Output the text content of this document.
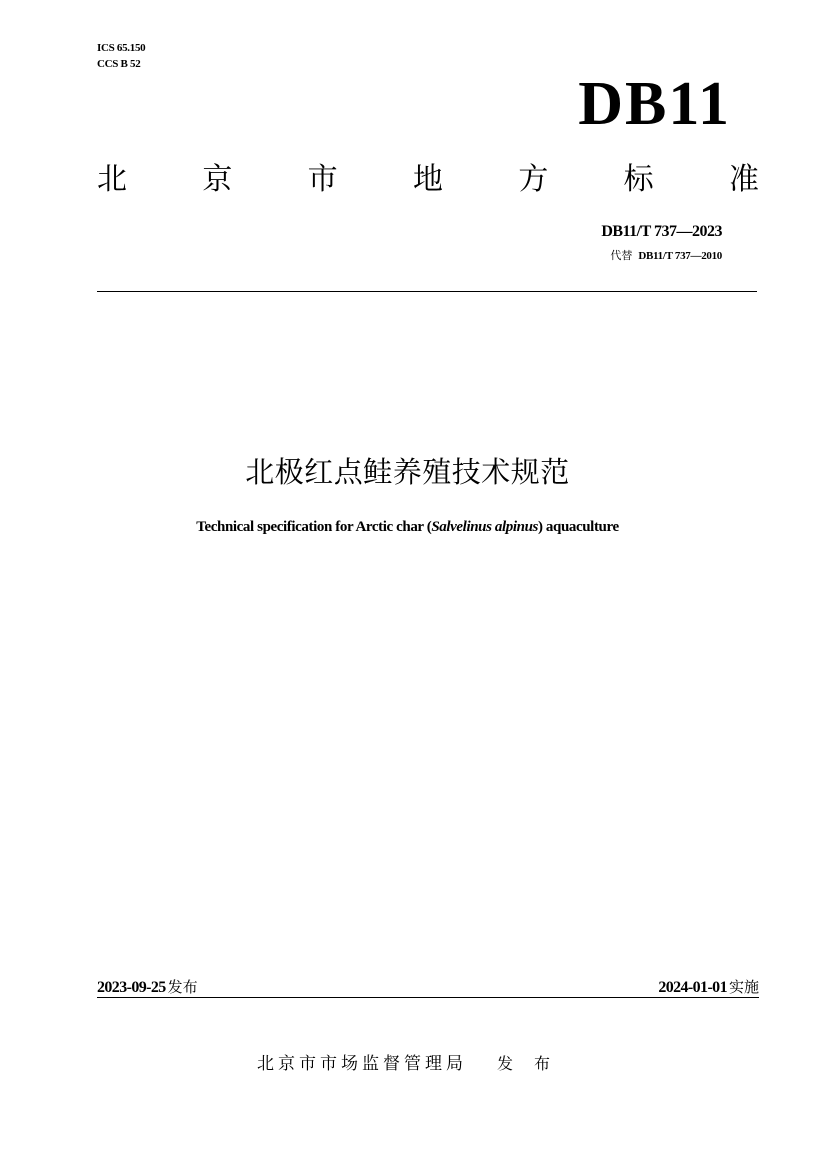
ICS 65.150
CCS B 52
DB11
北	京	市	地	方	标	准
DB11/T 737—2023
代替 DB11/T 737—2010
北极红点鲑养殖技术规范
Technical specification for Arctic char (Salvelinus alpinus) aquaculture
2023-09-25 发布	2024-01-01 实施
北京市市场监督管理局 发 布
